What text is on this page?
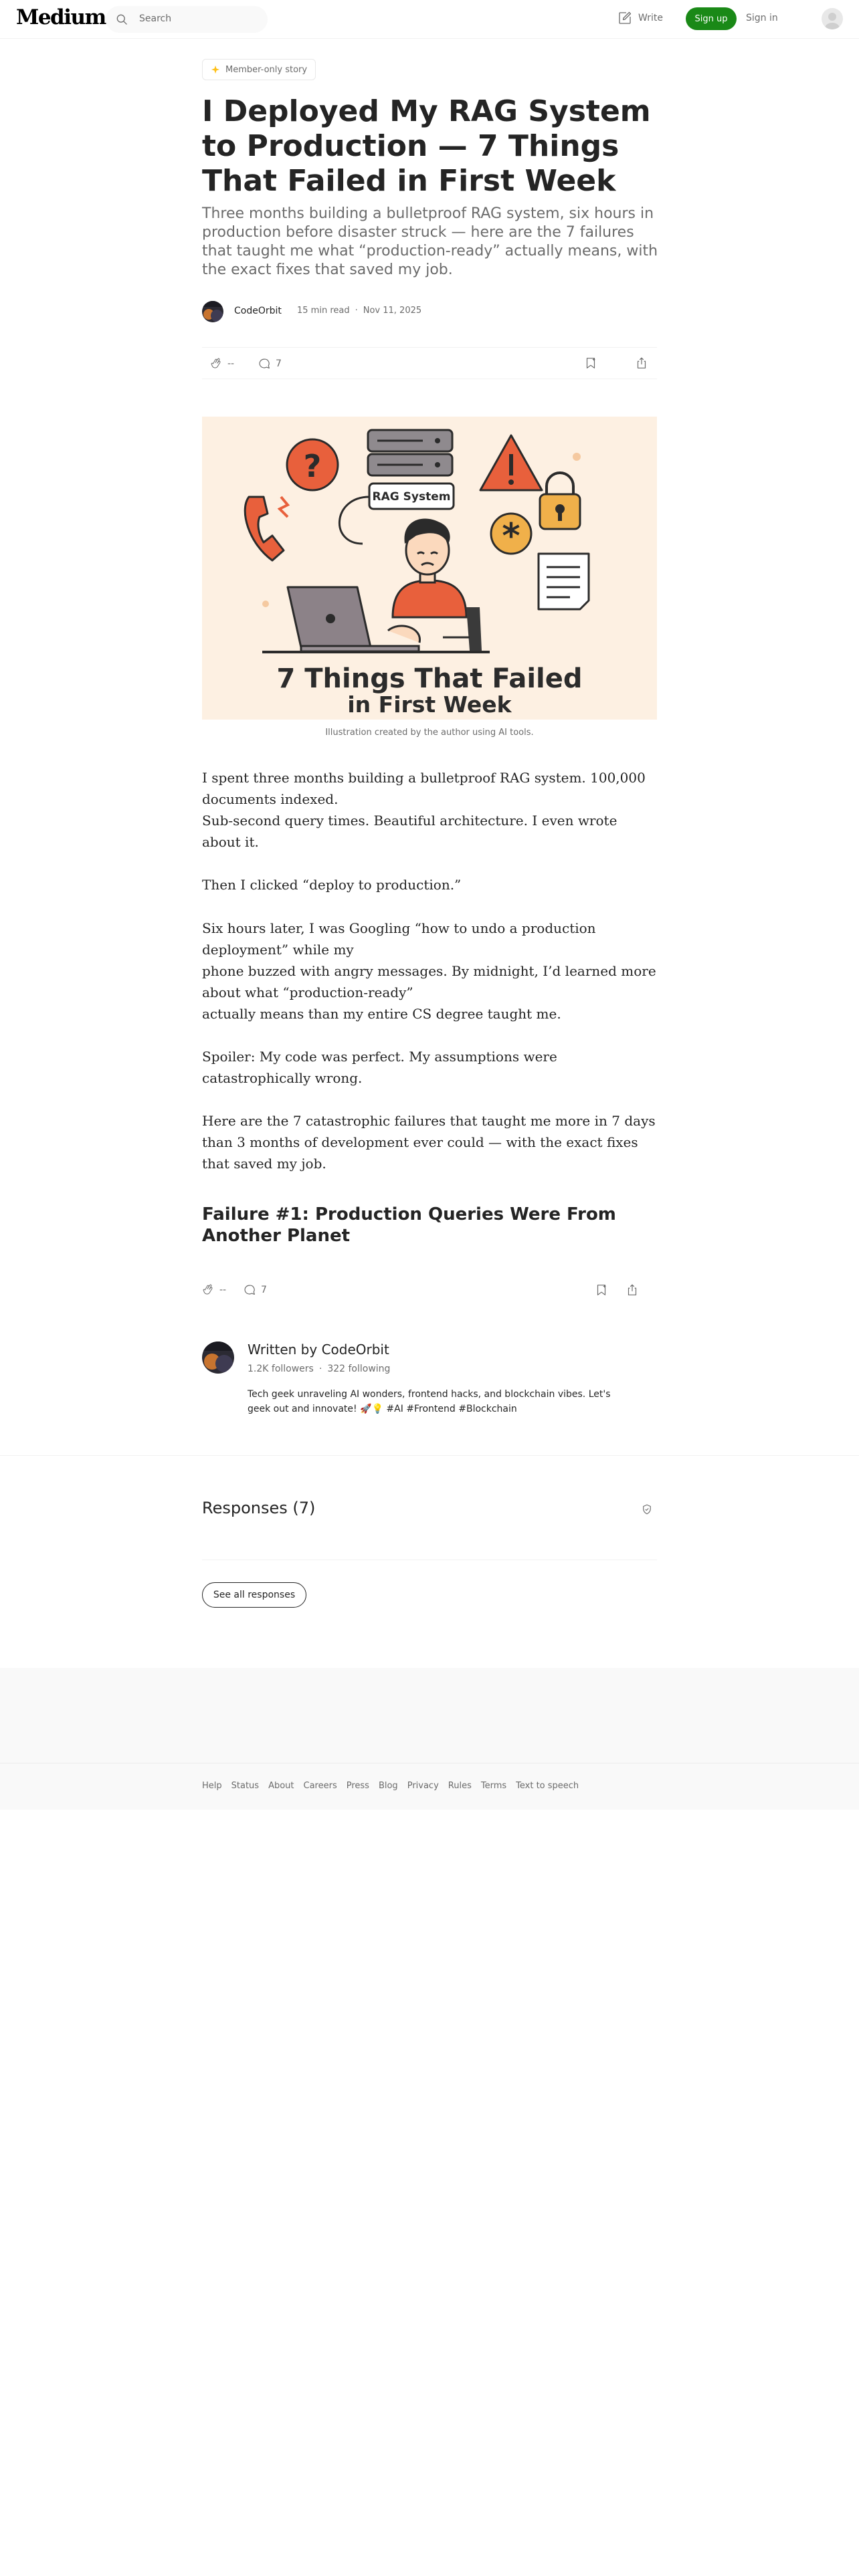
Medium	Search	Write	Sign up	Sign in
Member-only story
I Deployed My RAG System to Production — 7 Things That Failed in First Week

Three months building a bulletproof RAG system, six hours in production before disaster struck — here are the 7 failures that taught me what “production-ready” actually means, with the exact fixes that saved my job.

CodeOrbit 15 min read · Nov 11, 2025
--	7
?
RAG System
*
7 Things That Failed
in First Week
Illustration created by the author using AI tools.

I spent three months building a bulletproof RAG system. 100,000 documents indexed.
Sub-second query times. Beautiful architecture. I even wrote about it.

Then I clicked “deploy to production.”

Six hours later, I was Googling “how to undo a production deployment” while my
phone buzzed with angry messages. By midnight, I’d learned more about what “production-ready”
actually means than my entire CS degree taught me.

Spoiler: My code was perfect. My assumptions were catastrophically wrong.

Here are the 7 catastrophic failures that taught me more in 7 days than 3 months of development ever could — with the exact fixes that saved my job.

Failure #1: Production Queries Were From Another Planet
--	7
Written by CodeOrbit
1.2K followers · 322 following

Tech geek unraveling AI wonders, frontend hacks, and blockchain vibes. Let's geek out and innovate! 🚀💡 #AI #Frontend #Blockchain

Responses (7)
See all responses
Help Status About Careers Press Blog Privacy Rules Terms Text to speech
